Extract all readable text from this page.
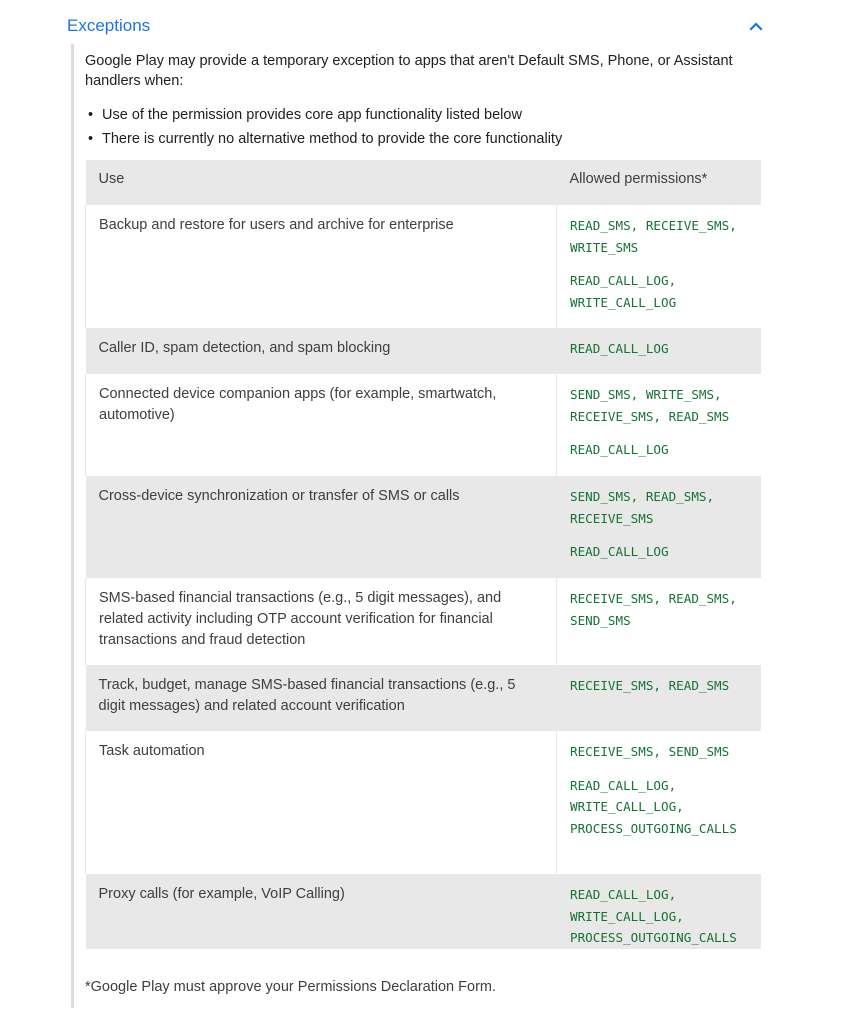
Exceptions

Google Play may provide a temporary exception to apps that aren't Default SMS, Phone, or Assistant handlers when:

• Use of the permission provides core app functionality listed below
• There is currently no alternative method to provide the core functionality
Use	Allowed permissions*
Backup and restore for users and archive for enterprise	READ_SMS, RECEIVE_SMS, WRITE_SMS
READ_CALL_LOG, WRITE_CALL_LOG

Caller ID, spam detection, and spam blocking	READ_CALL_LOG

Connected device companion apps (for example, smartwatch, automotive)	SEND_SMS, WRITE_SMS, RECEIVE_SMS, READ_SMS
READ_CALL_LOG

Cross-device synchronization or transfer of SMS or calls	SEND_SMS, READ_SMS, RECEIVE_SMS
READ_CALL_LOG

SMS-based financial transactions (e.g., 5 digit messages), and related activity including OTP account verification for financial transactions and fraud detection	RECEIVE_SMS, READ_SMS, SEND_SMS

Track, budget, manage SMS-based financial transactions (e.g., 5 digit messages) and related account verification	RECEIVE_SMS, READ_SMS

Task automation	RECEIVE_SMS, SEND_SMS
READ_CALL_LOG, WRITE_CALL_LOG, PROCESS_OUTGOING_CALLS

Proxy calls (for example, VoIP Calling)	READ_CALL_LOG, WRITE_CALL_LOG, PROCESS_OUTGOING_CALLS
*Google Play must approve your Permissions Declaration Form.
